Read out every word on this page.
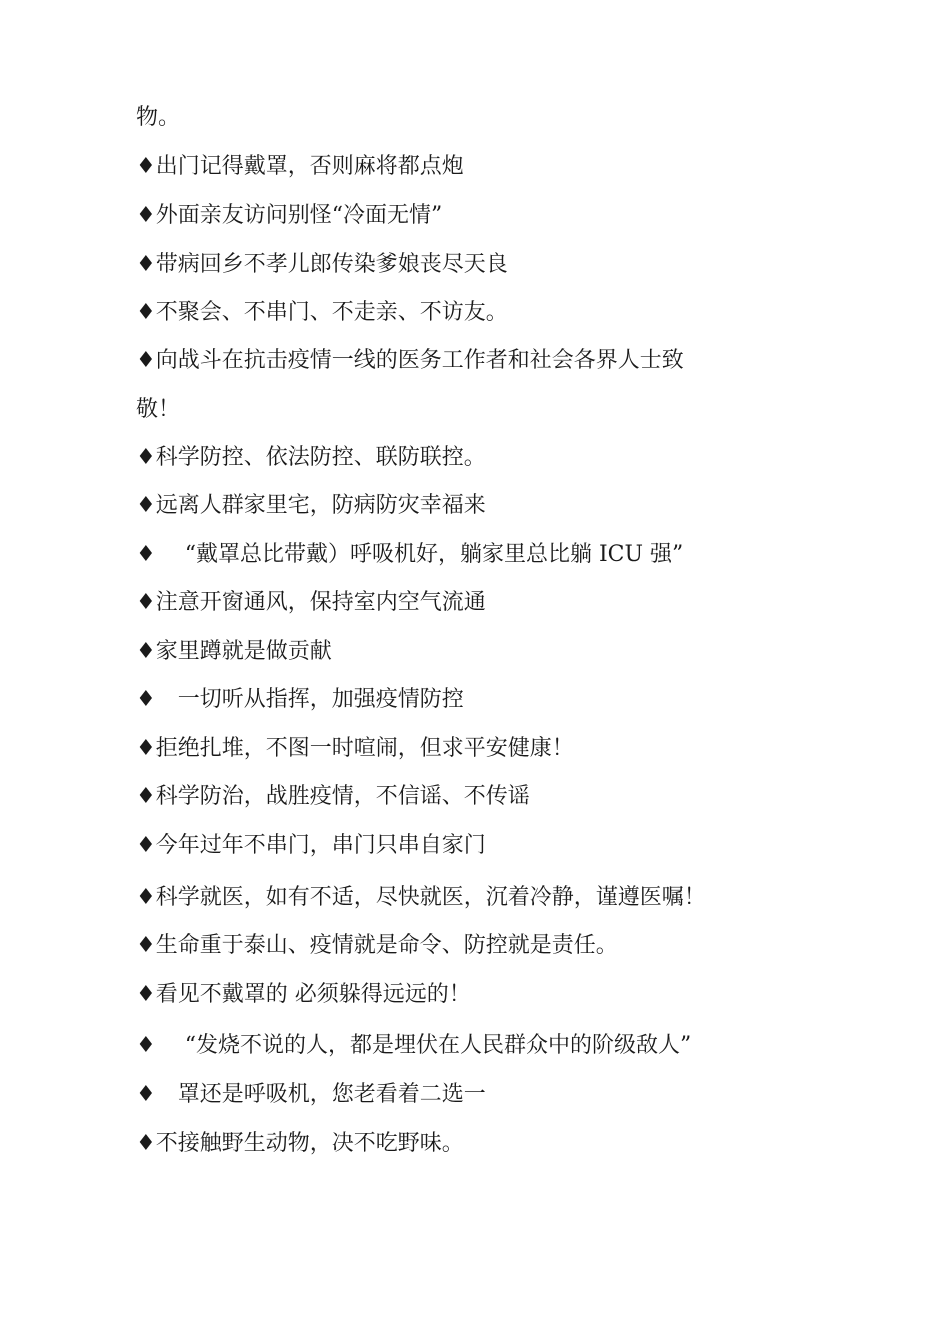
物。
♦出门记得戴罩，否则麻将都点炮
♦外面亲友访问别怪“冷面无情”
♦带病回乡不孝儿郎传染爹娘丧尽天良
♦不聚会、不串门、不走亲、不访友。
♦向战斗在抗击疫情一线的医务工作者和社会各界人士致
敬！
♦科学防控、依法防控、联防联控。
♦远离人群家里宅，防病防灾幸福来
♦　 “戴罩总比带戴）呼吸机好，躺家里总比躺 ICU 强”
♦注意开窗通风，保持室内空气流通
♦家里蹲就是做贡献
♦　一切听从指挥，加强疫情防控
♦拒绝扎堆，不图一时喧闹，但求平安健康！
♦科学防治，战胜疫情，不信谣、不传谣
♦今年过年不串门，串门只串自家门
♦科学就医，如有不适，尽快就医，沉着冷静，谨遵医嘱！
♦生命重于泰山、疫情就是命令、防控就是责任。
♦看见不戴罩的 必须躲得远远的！
♦　 “发烧不说的人，都是埋伏在人民群众中的阶级敌人”
♦　罩还是呼吸机，您老看着二选一
♦不接触野生动物，决不吃野味。
